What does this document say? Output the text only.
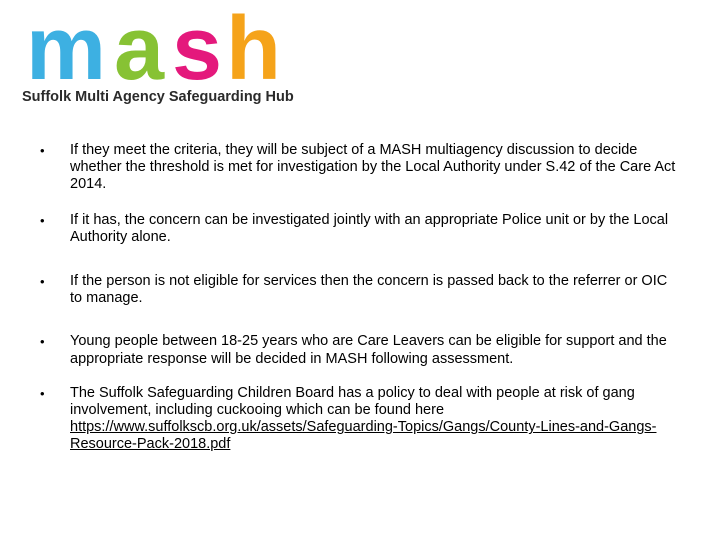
m a s h
Suffolk Multi Agency Safeguarding Hub
•	If they meet the criteria, they will be subject of a MASH multiagency discussion to decide whether the threshold is met for investigation by the Local Authority under S.42 of the Care Act 2014.
•	If it has, the concern can be investigated jointly with an appropriate Police unit or by the Local Authority alone.
•	If the person is not eligible for services then the concern is passed back to the referrer or OIC to manage.
•	Young people between 18-25 years who are Care Leavers can be eligible for support and the appropriate response will be decided in MASH following assessment.
•	The Suffolk Safeguarding Children Board has a policy to deal with people at risk of gang involvement, including cuckooing which can be found here https://www.suffolkscb.org.uk/assets/Safeguarding-Topics/Gangs/County-Lines-and-Gangs-Resource-Pack-2018.pdf
